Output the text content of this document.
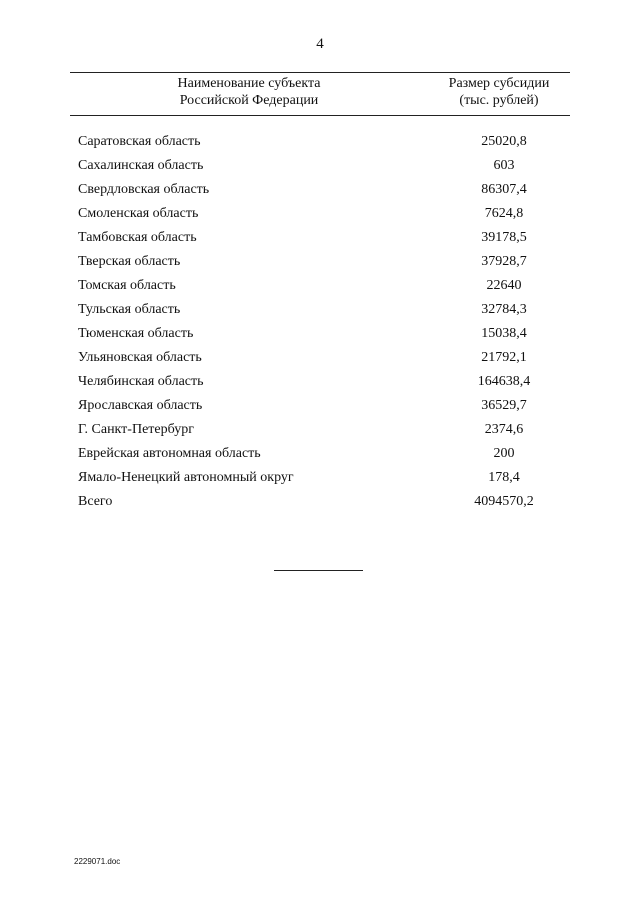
4
Наименование субъекта
Российской Федерации
Размер субсидии
(тыс. рублей)
Саратовская область	25020,8
Сахалинская область	603
Свердловская область	86307,4
Смоленская область	7624,8
Тамбовская область	39178,5
Тверская область	37928,7
Томская область	22640
Тульская область	32784,3
Тюменская область	15038,4
Ульяновская область	21792,1
Челябинская область	164638,4
Ярославская область	36529,7
Г. Санкт-Петербург	2374,6
Еврейская автономная область	200
Ямало-Ненецкий автономный округ	178,4
Всего	4094570,2
2229071.doc
